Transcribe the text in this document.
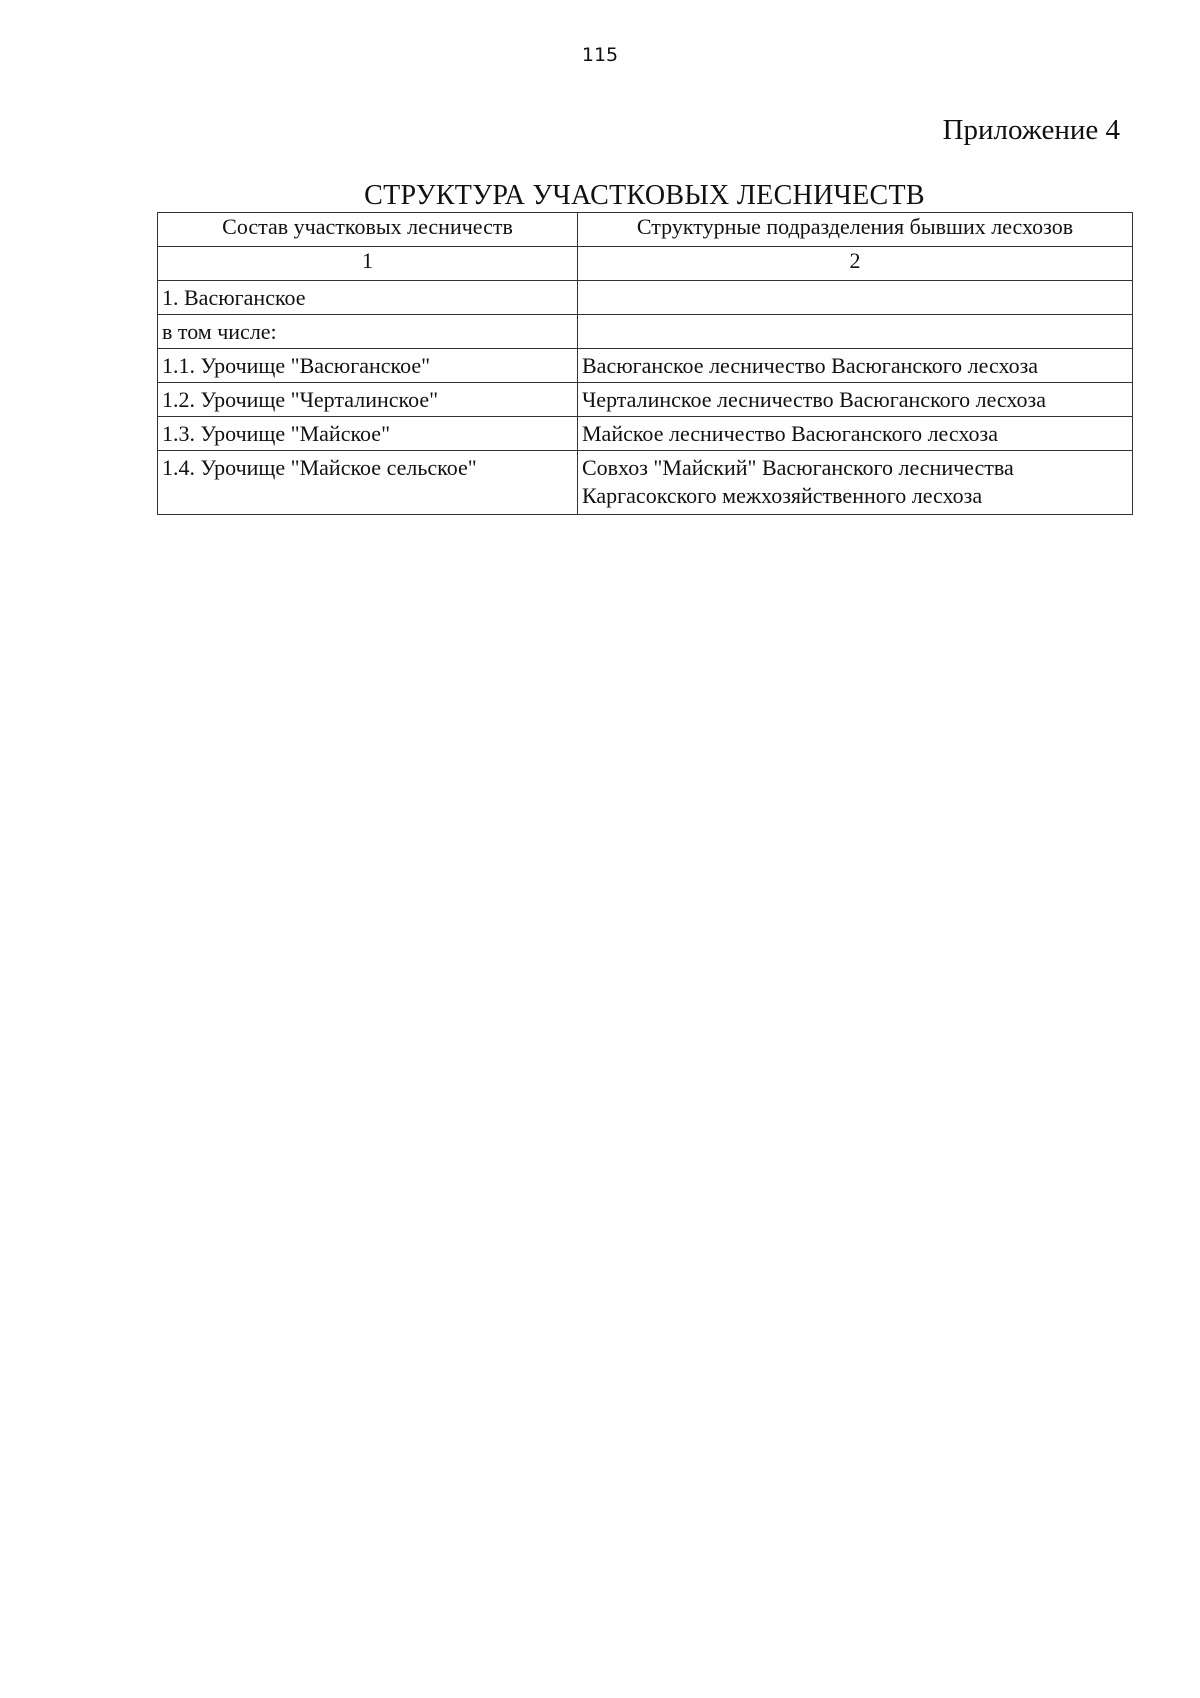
115
Приложение 4
СТРУКТУРА УЧАСТКОВЫХ ЛЕСНИЧЕСТВ
Состав участковых лесничеств	Структурные подразделения бывших лесхозов
1	2
1. Васюганское	
в том числе:	
1.1. Урочище "Васюганское"	Васюганское лесничество Васюганского лесхоза
1.2. Урочище "Черталинское"	Черталинское лесничество Васюганского лесхоза
1.3. Урочище "Майское"	Майское лесничество Васюганского лесхоза
1.4. Урочище "Майское сельское"	Совхоз "Майский" Васюганского лесничества
Каргасокского межхозяйственного лесхоза
